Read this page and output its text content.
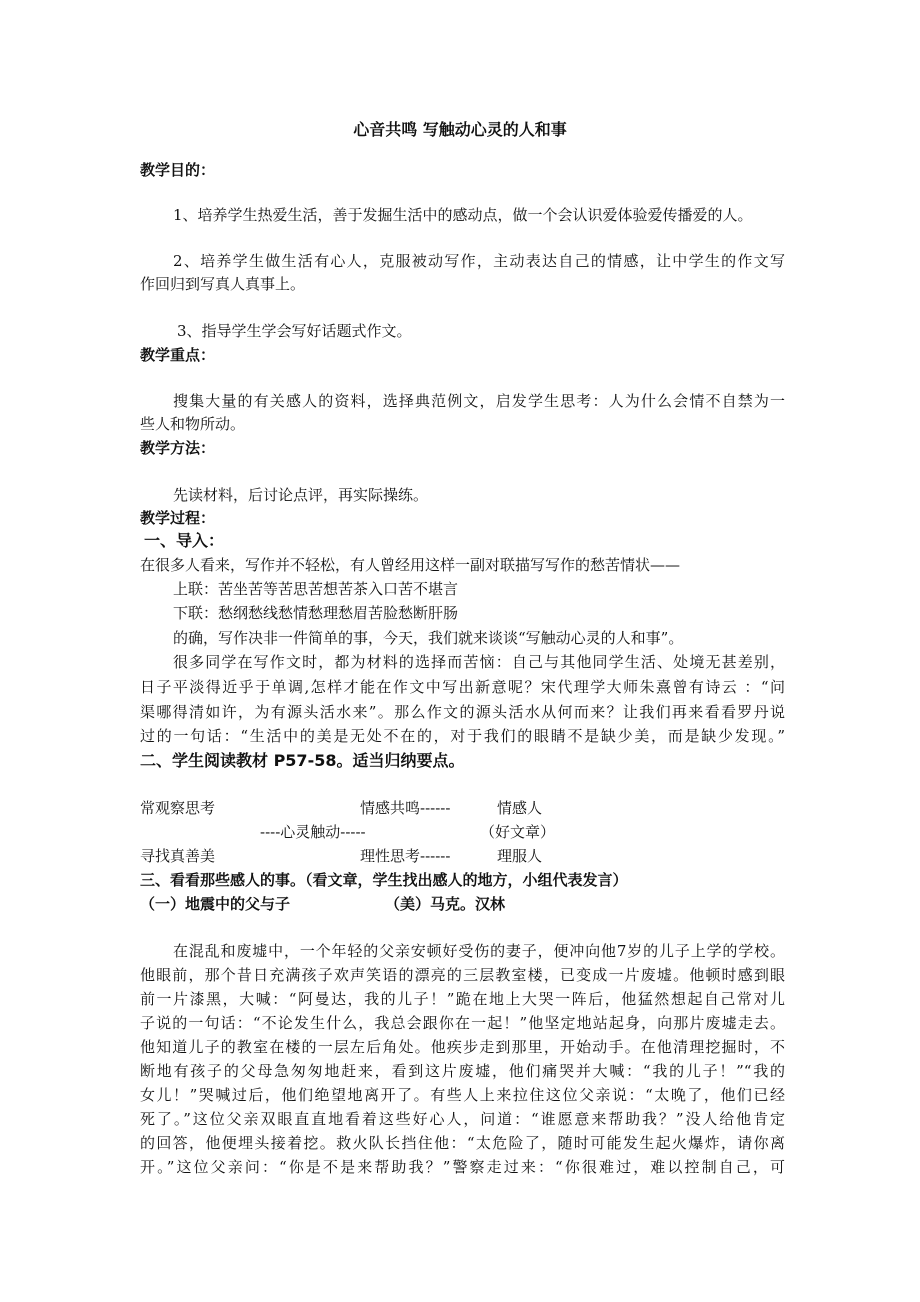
心音共鸣 写触动心灵的人和事
教学目的：
1、培养学生热爱生活，善于发掘生活中的感动点，做一个会认识爱体验爱传播爱的人。
2、培养学生做生活有心人，克服被动写作，主动表达自己的情感，让中学生的作文写
作回归到写真人真事上。
3、指导学生学会写好话题式作文。
教学重点：
搜集大量的有关感人的资料，选择典范例文，启发学生思考：人为什么会情不自禁为一
些人和物所动。
教学方法：
先读材料，后讨论点评，再实际操练。
教学过程：
一、导入：
在很多人看来，写作并不轻松，有人曾经用这样一副对联描写写作的愁苦情状——
上联：苦坐苦等苦思苦想苦茶入口苦不堪言
下联：愁纲愁线愁情愁理愁眉苦脸愁断肝肠
的确，写作决非一件简单的事，今天，我们就来谈谈“写触动心灵的人和事”。
很多同学在写作文时，都为材料的选择而苦恼：自己与其他同学生活、处境无甚差别，
日子平淡得近乎于单调,怎样才能在作文中写出新意呢？宋代理学大师朱熹曾有诗云 ：“问
渠哪得清如许，为有源头活水来”。那么作文的源头活水从何而来？让我们再来看看罗丹说
过的一句话：“生活中的美是无处不在的，对于我们的眼睛不是缺少美，而是缺少发现。”
二、学生阅读教材 P57-58。适当归纳要点。
常观察思考	情感共鸣------	情感人
----心灵触动-----	（好文章）
寻找真善美	理性思考------	理服人
三、看看那些感人的事。（看文章，学生找出感人的地方，小组代表发言）
（一）地震中的父与子	（美）马克。汉林
在混乱和废墟中，一个年轻的父亲安顿好受伤的妻子，便冲向他7岁的儿子上学的学校。
他眼前，那个昔日充满孩子欢声笑语的漂亮的三层教室楼，已变成一片废墟。他顿时感到眼
前一片漆黑，大喊：“阿曼达，我的儿子！”跪在地上大哭一阵后，他猛然想起自己常对儿
子说的一句话：“不论发生什么，我总会跟你在一起！”他坚定地站起身，向那片废墟走去。
他知道儿子的教室在楼的一层左后角处。他疾步走到那里，开始动手。在他清理挖掘时，不
断地有孩子的父母急匆匆地赶来，看到这片废墟，他们痛哭并大喊：“我的儿子！”“我的
女儿！”哭喊过后，他们绝望地离开了。有些人上来拉住这位父亲说：“太晚了，他们已经
死了。”这位父亲双眼直直地看着这些好心人，问道：“谁愿意来帮助我？”没人给他肯定
的回答，他便埋头接着挖。救火队长挡住他：“太危险了，随时可能发生起火爆炸，请你离
开。”这位父亲问：“你是不是来帮助我？”警察走过来：“你很难过，难以控制自己，可
